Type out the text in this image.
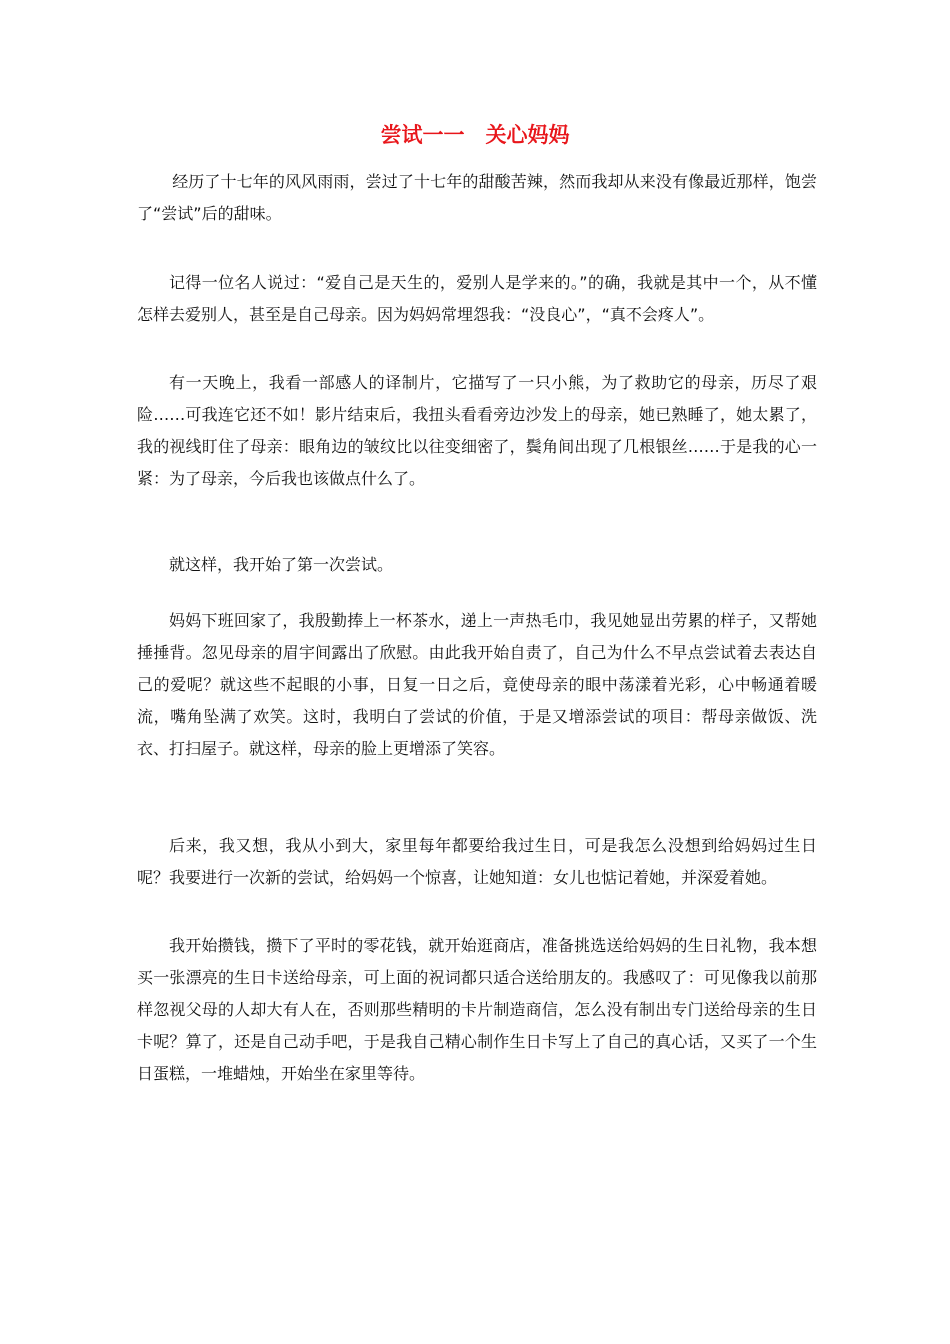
尝试一一　关心妈妈

经历了十七年的风风雨雨，尝过了十七年的甜酸苦辣，然而我却从来没有像最近那样，饱尝了“尝试”后的甜味。

记得一位名人说过：“爱自己是天生的，爱别人是学来的。”的确，我就是其中一个，从不懂怎样去爱别人，甚至是自己母亲。因为妈妈常埋怨我：“没良心”，“真不会疼人”。

有一天晚上，我看一部感人的译制片，它描写了一只小熊，为了救助它的母亲，历尽了艰险……可我连它还不如！影片结束后，我扭头看看旁边沙发上的母亲，她已熟睡了，她太累了，我的视线盯住了母亲：眼角边的皱纹比以往变细密了，鬓角间出现了几根银丝……于是我的心一紧：为了母亲，今后我也该做点什么了。

就这样，我开始了第一次尝试。

妈妈下班回家了，我殷勤捧上一杯茶水，递上一声热毛巾，我见她显出劳累的样子，又帮她捶捶背。忽见母亲的眉宇间露出了欣慰。由此我开始自责了，自己为什么不早点尝试着去表达自己的爱呢？就这些不起眼的小事，日复一日之后，竟使母亲的眼中荡漾着光彩，心中畅通着暖流，嘴角坠满了欢笑。这时，我明白了尝试的价值，于是又增添尝试的项目：帮母亲做饭、洗衣、打扫屋子。就这样，母亲的脸上更增添了笑容。

后来，我又想，我从小到大，家里每年都要给我过生日，可是我怎么没想到给妈妈过生日呢？我要进行一次新的尝试，给妈妈一个惊喜，让她知道：女儿也惦记着她，并深爱着她。

我开始攒钱，攒下了平时的零花钱，就开始逛商店，准备挑选送给妈妈的生日礼物，我本想买一张漂亮的生日卡送给母亲，可上面的祝词都只适合送给朋友的。我感叹了：可见像我以前那样忽视父母的人却大有人在，否则那些精明的卡片制造商信，怎么没有制出专门送给母亲的生日卡呢？算了，还是自己动手吧，于是我自己精心制作生日卡写上了自己的真心话，又买了一个生日蛋糕，一堆蜡烛，开始坐在家里等待。
